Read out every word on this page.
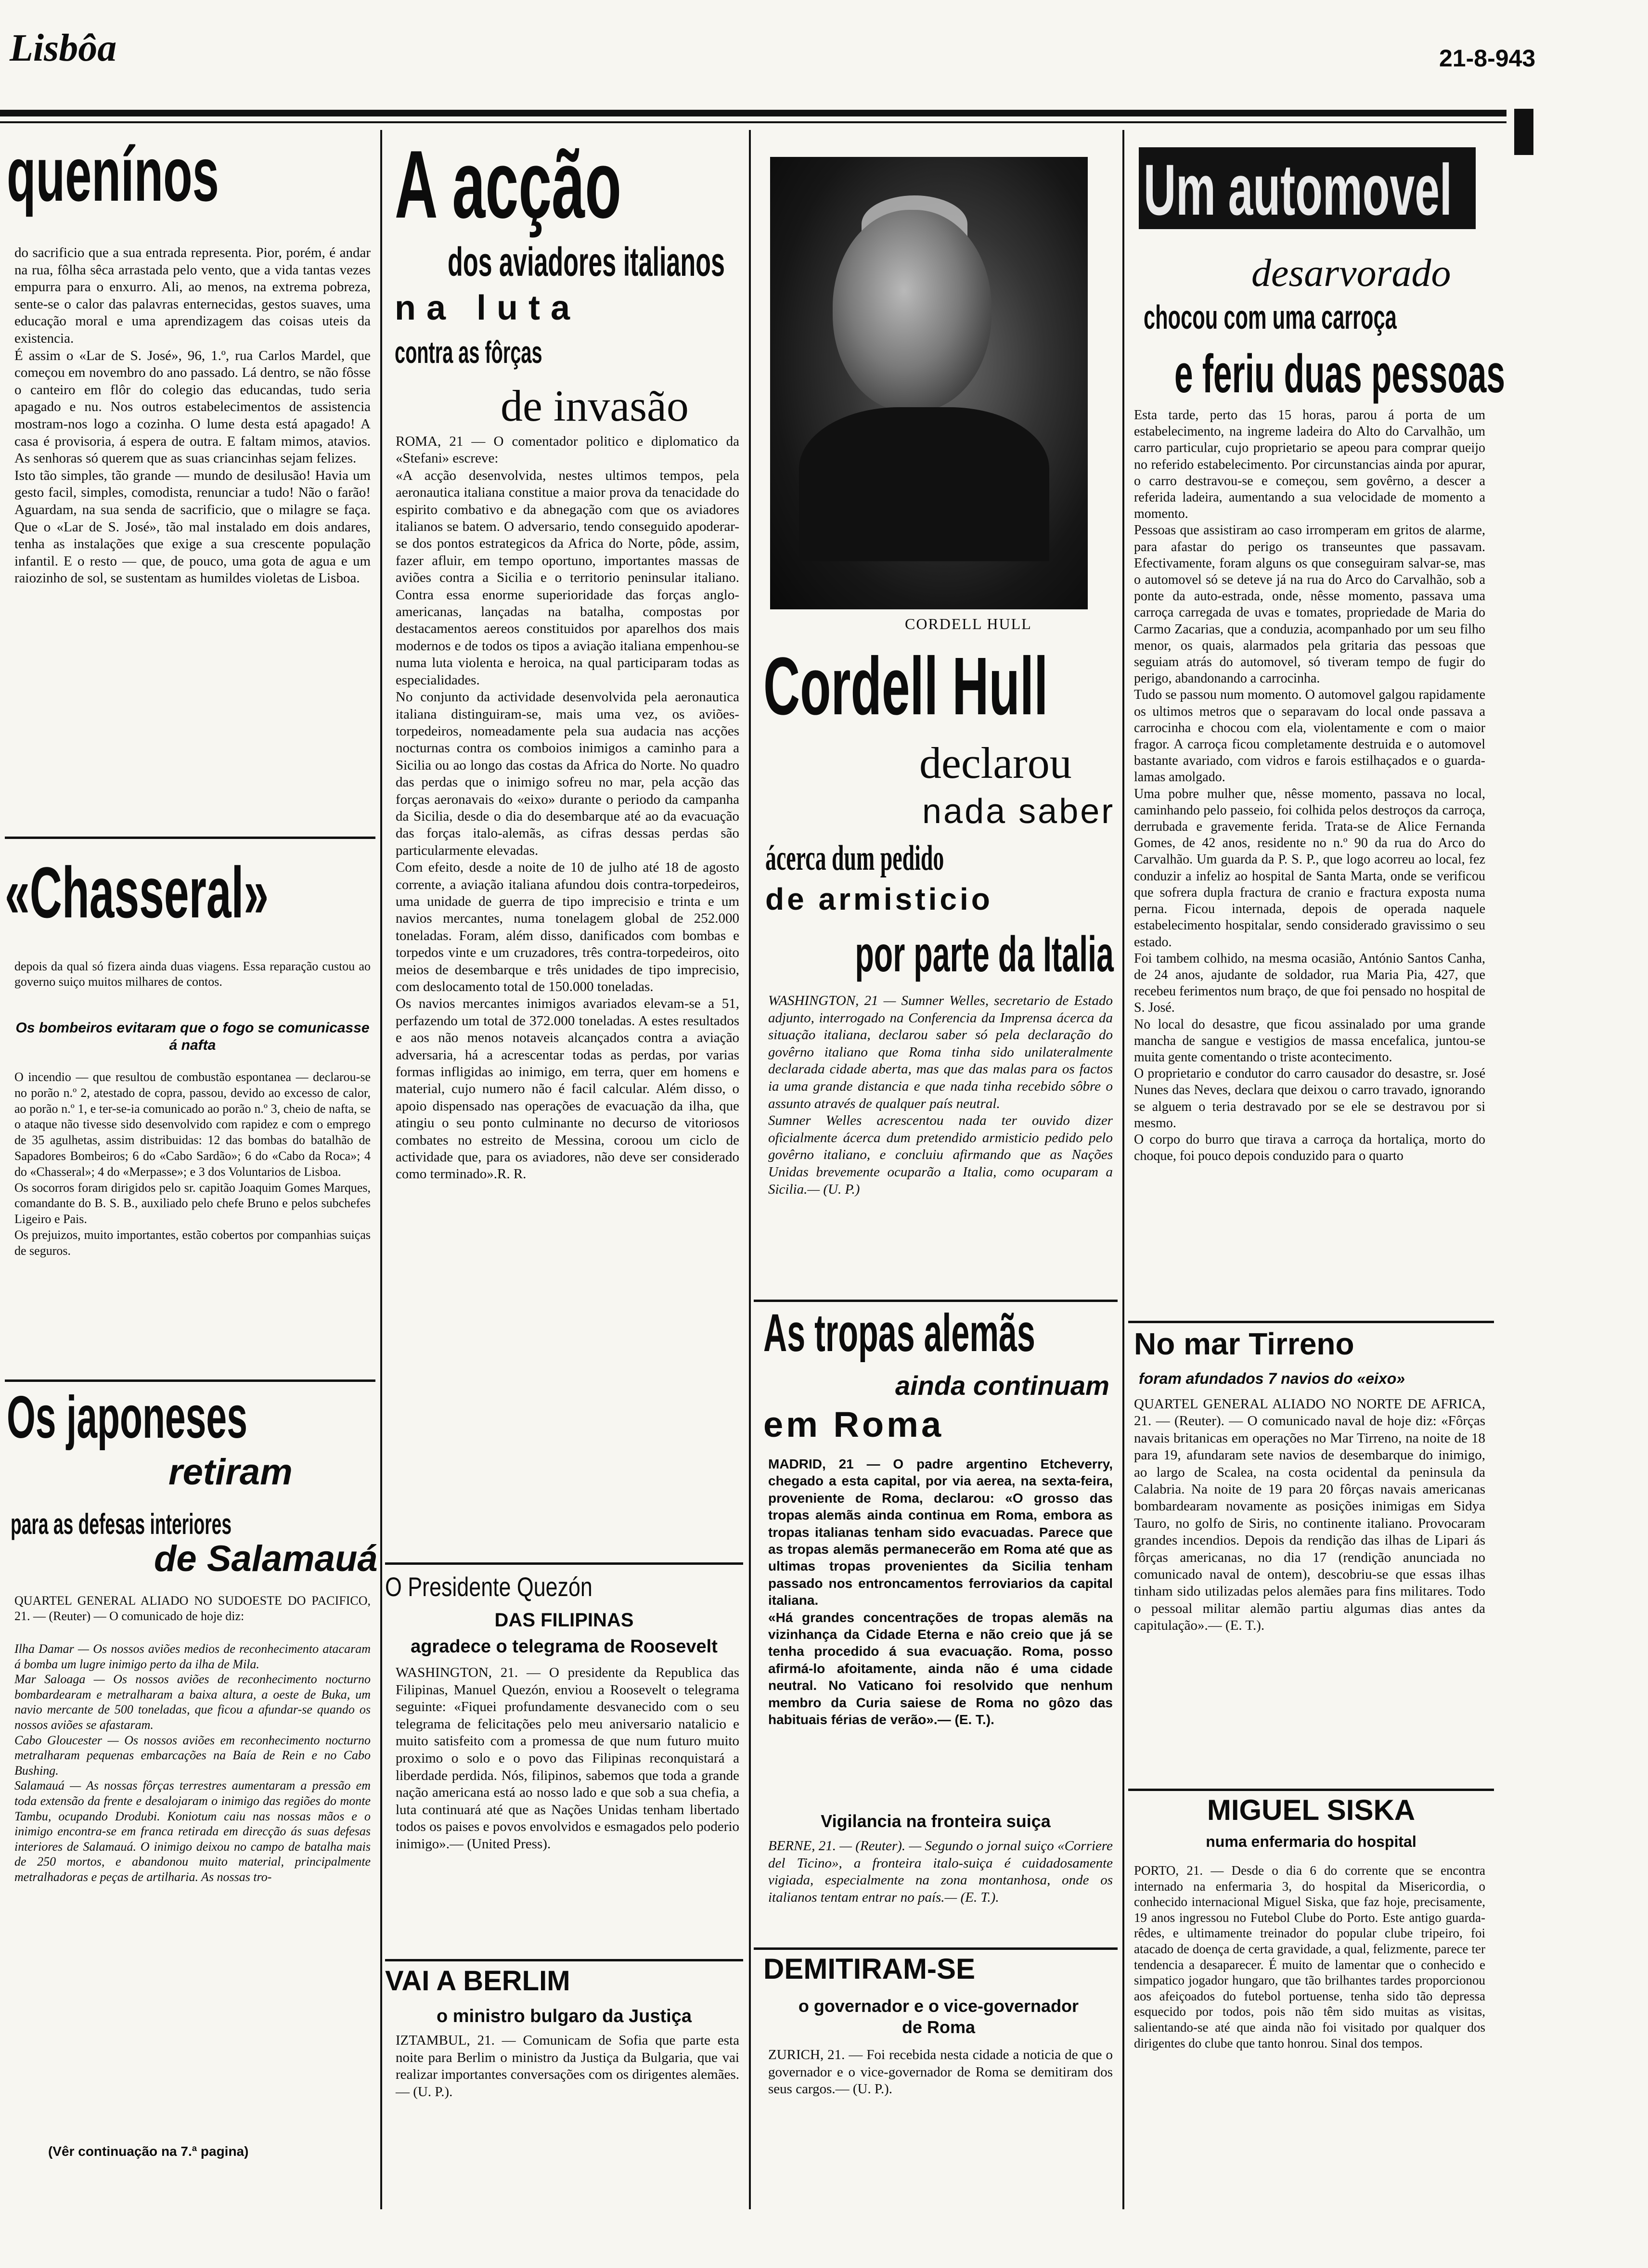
Lisbôa	21-8-943
quenínos
do sacrificio que a sua entrada representa. Pior, porém, é andar na rua, fôlha sêca arrastada pelo vento, que a vida tantas vezes empurra para o enxurro. Ali, ao menos, na extrema pobreza, sente-se o calor das palavras enternecidas, gestos suaves, uma educação moral e uma aprendizagem das coisas uteis da existencia.
É assim o «Lar de S. José», 96, 1.º, rua Carlos Mardel, que começou em novembro do ano passado. Lá dentro, se não fôsse o canteiro em flôr do colegio das educandas, tudo seria apagado e nu. Nos outros estabelecimentos de assistencia mostram-nos logo a cozinha. O lume desta está apagado! A casa é provisoria, á espera de outra. E faltam mimos, atavios. As senhoras só querem que as suas criancinhas sejam felizes.
Isto tão simples, tão grande — mundo de desilusão! Havia um gesto facil, simples, comodista, renunciar a tudo! Não o farão! Aguardam, na sua senda de sacrificio, que o milagre se faça. Que o «Lar de S. José», tão mal instalado em dois andares, tenha as instalações que exige a sua crescente população infantil. E o resto — que, de pouco, uma gota de agua e um raiozinho de sol, se sustentam as humildes violetas de Lisboa.
«Chasseral»
depois da qual só fizera ainda duas viagens. Essa reparação custou ao governo suiço muitos milhares de contos.
Os bombeiros evitaram que o fogo se comunicasse á nafta
O incendio — que resultou de combustão espontanea — declarou-se no porão n.º 2, atestado de copra, passou, devido ao excesso de calor, ao porão n.º 1, e ter-se-ia comunicado ao porão n.º 3, cheio de nafta, se o ataque não tivesse sido desenvolvido com rapidez e com o emprego de 35 agulhetas, assim distribuidas: 12 das bombas do batalhão de Sapadores Bombeiros; 6 do «Cabo Sardão»; 6 do «Cabo da Roca»; 4 do «Chasseral»; 4 do «Merpasse»; e 3 dos Voluntarios de Lisboa.
Os socorros foram dirigidos pelo sr. capitão Joaquim Gomes Marques, comandante do B. S. B., auxiliado pelo chefe Bruno e pelos subchefes Ligeiro e Pais.
Os prejuizos, muito importantes, estão cobertos por companhias suiças de seguros.
Os japoneses
retiram
para as defesas interiores
de Salamauá
QUARTEL GENERAL ALIADO NO SUDOESTE DO PACIFICO, 21. — (Reuter) — O comunicado de hoje diz:
Ilha Damar — Os nossos aviões medios de reconhecimento atacaram á bomba um lugre inimigo perto da ilha de Mila.
Mar Saloaga — Os nossos aviões de reconhecimento nocturno bombardearam e metralharam a baixa altura, a oeste de Buka, um navio mercante de 500 toneladas, que ficou a afundar-se quando os nossos aviões se afastaram.
Cabo Gloucester — Os nossos aviões em reconhecimento nocturno metralharam pequenas embarcações na Baía de Rein e no Cabo Bushing.
Salamauá — As nossas fôrças terrestres aumentaram a pressão em toda extensão da frente e desalojaram o inimigo das regiões do monte Tambu, ocupando Drodubi. Koniotum caiu nas nossas mãos e o inimigo encontra-se em franca retirada em direcção ás suas defesas interiores de Salamauá. O inimigo deixou no campo de batalha mais de 250 mortos, e abandonou muito material, principalmente metralhadoras e peças de artilharia. As nossas tro-
(Vêr continuação na 7.ª pagina)
A acção
dos aviadores italianos
na luta
contra as fôrças
de invasão
ROMA, 21 — O comentador politico e diplomatico da «Stefani» escreve:
«A acção desenvolvida, nestes ultimos tempos, pela aeronautica italiana constitue a maior prova da tenacidade do espirito combativo e da abnegação com que os aviadores italianos se batem. O adversario, tendo conseguido apoderar-se dos pontos estrategicos da Africa do Norte, pôde, assim, fazer afluir, em tempo oportuno, importantes massas de aviões contra a Sicilia e o territorio peninsular italiano. Contra essa enorme superioridade das forças anglo-americanas, lançadas na batalha, compostas por destacamentos aereos constituidos por aparelhos dos mais modernos e de todos os tipos a aviação italiana empenhou-se numa luta violenta e heroica, na qual participaram todas as especialidades.
No conjunto da actividade desenvolvida pela aeronautica italiana distinguiram-se, mais uma vez, os aviões-torpedeiros, nomeadamente pela sua audacia nas acções nocturnas contra os comboios inimigos a caminho para a Sicilia ou ao longo das costas da Africa do Norte. No quadro das perdas que o inimigo sofreu no mar, pela acção das forças aeronavais do «eixo» durante o periodo da campanha da Sicilia, desde o dia do desembarque até ao da evacuação das forças italo-alemãs, as cifras dessas perdas são particularmente elevadas.
Com efeito, desde a noite de 10 de julho até 18 de agosto corrente, a aviação italiana afundou dois contra-torpedeiros, uma unidade de guerra de tipo imprecisio e trinta e um navios mercantes, numa tonelagem global de 252.000 toneladas. Foram, além disso, danificados com bombas e torpedos vinte e um cruzadores, três contra-torpedeiros, oito meios de desembarque e três unidades de tipo imprecisio, com deslocamento total de 150.000 toneladas.
Os navios mercantes inimigos avariados elevam-se a 51, perfazendo um total de 372.000 toneladas. A estes resultados e aos não menos notaveis alcançados contra a aviação adversaria, há a acrescentar todas as perdas, por varias formas infligidas ao inimigo, em terra, quer em homens e material, cujo numero não é facil calcular. Além disso, o apoio dispensado nas operações de evacuação da ilha, que atingiu o seu ponto culminante no decurso de vitoriosos combates no estreito de Messina, coroou um ciclo de actividade que, para os aviadores, não deve ser considerado como terminado».R. R.
O Presidente Quezón
DAS FILIPINAS
agradece o telegrama de Roosevelt
WASHINGTON, 21. — O presidente da Republica das Filipinas, Manuel Quezón, enviou a Roosevelt o telegrama seguinte: «Fiquei profundamente desvanecido com o seu telegrama de felicitações pelo meu aniversario natalicio e muito satisfeito com a promessa de que num futuro muito proximo o solo e o povo das Filipinas reconquistará a liberdade perdida. Nós, filipinos, sabemos que toda a grande nação americana está ao nosso lado e que sob a sua chefia, a luta continuará até que as Nações Unidas tenham libertado todos os paises e povos envolvidos e esmagados pelo poderio inimigo».— (United Press).
VAI A BERLIM
o ministro bulgaro da Justiça
IZTAMBUL, 21. — Comunicam de Sofia que parte esta noite para Berlim o ministro da Justiça da Bulgaria, que vai realizar importantes conversações com os dirigentes alemães.— (U. P.).
CORDELL HULL
Cordell Hull
declarou
nada saber
ácerca dum pedido
de armisticio
por parte da Italia
WASHINGTON, 21 — Sumner Welles, secretario de Estado adjunto, interrogado na Conferencia da Imprensa ácerca da situação italiana, declarou saber só pela declaração do govêrno italiano que Roma tinha sido unilateralmente declarada cidade aberta, mas que das malas para os factos ia uma grande distancia e que nada tinha recebido sôbre o assunto através de qualquer país neutral.
Sumner Welles acrescentou nada ter ouvido dizer oficialmente ácerca dum pretendido armisticio pedido pelo govêrno italiano, e concluiu afirmando que as Nações Unidas brevemente ocuparão a Italia, como ocuparam a Sicilia.— (U. P.)
As tropas alemãs
ainda continuam
em Roma
MADRID, 21 — O padre argentino Etcheverry, chegado a esta capital, por via aerea, na sexta-feira, proveniente de Roma, declarou: «O grosso das tropas alemãs ainda continua em Roma, embora as tropas italianas tenham sido evacuadas. Parece que as tropas alemãs permanecerão em Roma até que as ultimas tropas provenientes da Sicilia tenham passado nos entroncamentos ferroviarios da capital italiana.
«Há grandes concentrações de tropas alemãs na vizinhança da Cidade Eterna e não creio que já se tenha procedido á sua evacuação. Roma, posso afirmá-lo afoitamente, ainda não é uma cidade neutral. No Vaticano foi resolvido que nenhum membro da Curia saiese de Roma no gôzo das habituais férias de verão».— (E. T.).
Vigilancia na fronteira suiça
BERNE, 21. — (Reuter). — Segundo o jornal suiço «Corriere del Ticino», a fronteira italo-suiça é cuidadosamente vigiada, especialmente na zona montanhosa, onde os italianos tentam entrar no país.— (E. T.).
DEMITIRAM-SE
o governador e o vice-governador de Roma
ZURICH, 21. — Foi recebida nesta cidade a noticia de que o governador e o vice-governador de Roma se demitiram dos seus cargos.— (U. P.).
Um automovel
desarvorado
chocou com uma carroça
e feriu duas pessoas
Esta tarde, perto das 15 horas, parou á porta de um estabelecimento, na ingreme ladeira do Alto do Carvalhão, um carro particular, cujo proprietario se apeou para comprar queijo no referido estabelecimento. Por circunstancias ainda por apurar, o carro destravou-se e começou, sem govêrno, a descer a referida ladeira, aumentando a sua velocidade de momento a momento.
Pessoas que assistiram ao caso irromperam em gritos de alarme, para afastar do perigo os transeuntes que passavam. Efectivamente, foram alguns os que conseguiram salvar-se, mas o automovel só se deteve já na rua do Arco do Carvalhão, sob a ponte da auto-estrada, onde, nêsse momento, passava uma carroça carregada de uvas e tomates, propriedade de Maria do Carmo Zacarias, que a conduzia, acompanhado por um seu filho menor, os quais, alarmados pela gritaria das pessoas que seguiam atrás do automovel, só tiveram tempo de fugir do perigo, abandonando a carrocinha.
Tudo se passou num momento. O automovel galgou rapidamente os ultimos metros que o separavam do local onde passava a carrocinha e chocou com ela, violentamente e com o maior fragor. A carroça ficou completamente destruida e o automovel bastante avariado, com vidros e farois estilhaçados e o guarda-lamas amolgado.
Uma pobre mulher que, nêsse momento, passava no local, caminhando pelo passeio, foi colhida pelos destroços da carroça, derrubada e gravemente ferida. Trata-se de Alice Fernanda Gomes, de 42 anos, residente no n.º 90 da rua do Arco do Carvalhão. Um guarda da P. S. P., que logo acorreu ao local, fez conduzir a infeliz ao hospital de Santa Marta, onde se verificou que sofrera dupla fractura de cranio e fractura exposta numa perna. Ficou internada, depois de operada naquele estabelecimento hospitalar, sendo considerado gravissimo o seu estado.
Foi tambem colhido, na mesma ocasião, António Santos Canha, de 24 anos, ajudante de soldador, rua Maria Pia, 427, que recebeu ferimentos num braço, de que foi pensado no hospital de S. José.
No local do desastre, que ficou assinalado por uma grande mancha de sangue e vestigios de massa encefalica, juntou-se muita gente comentando o triste acontecimento.
O proprietario e condutor do carro causador do desastre, sr. José Nunes das Neves, declara que deixou o carro travado, ignorando se alguem o teria destravado por se ele se destravou por si mesmo.
O corpo do burro que tirava a carroça da hortaliça, morto do choque, foi pouco depois conduzido para o quarto
No mar Tirreno
foram afundados 7 navios do «eixo»
QUARTEL GENERAL ALIADO NO NORTE DE AFRICA, 21. — (Reuter). — O comunicado naval de hoje diz: «Fôrças navais britanicas em operações no Mar Tirreno, na noite de 18 para 19, afundaram sete navios de desembarque do inimigo, ao largo de Scalea, na costa ocidental da peninsula da Calabria. Na noite de 19 para 20 fôrças navais americanas bombardearam novamente as posições inimigas em Sidya Tauro, no golfo de Siris, no continente italiano. Provocaram grandes incendios. Depois da rendição das ilhas de Lipari ás fôrças americanas, no dia 17 (rendição anunciada no comunicado naval de ontem), descobriu-se que essas ilhas tinham sido utilizadas pelos alemães para fins militares. Todo o pessoal militar alemão partiu algumas dias antes da capitulação».— (E. T.).
MIGUEL SISKA
numa enfermaria do hospital
PORTO, 21. — Desde o dia 6 do corrente que se encontra internado na enfermaria 3, do hospital da Misericordia, o conhecido internacional Miguel Siska, que faz hoje, precisamente, 19 anos ingressou no Futebol Clube do Porto. Este antigo guarda-rêdes, e ultimamente treinador do popular clube tripeiro, foi atacado de doença de certa gravidade, a qual, felizmente, parece ter tendencia a desaparecer. É muito de lamentar que o conhecido e simpatico jogador hungaro, que tão brilhantes tardes proporcionou aos afeiçoados do futebol portuense, tenha sido tão depressa esquecido por todos, pois não têm sido muitas as visitas, salientando-se até que ainda não foi visitado por qualquer dos dirigentes do clube que tanto honrou. Sinal dos tempos.
